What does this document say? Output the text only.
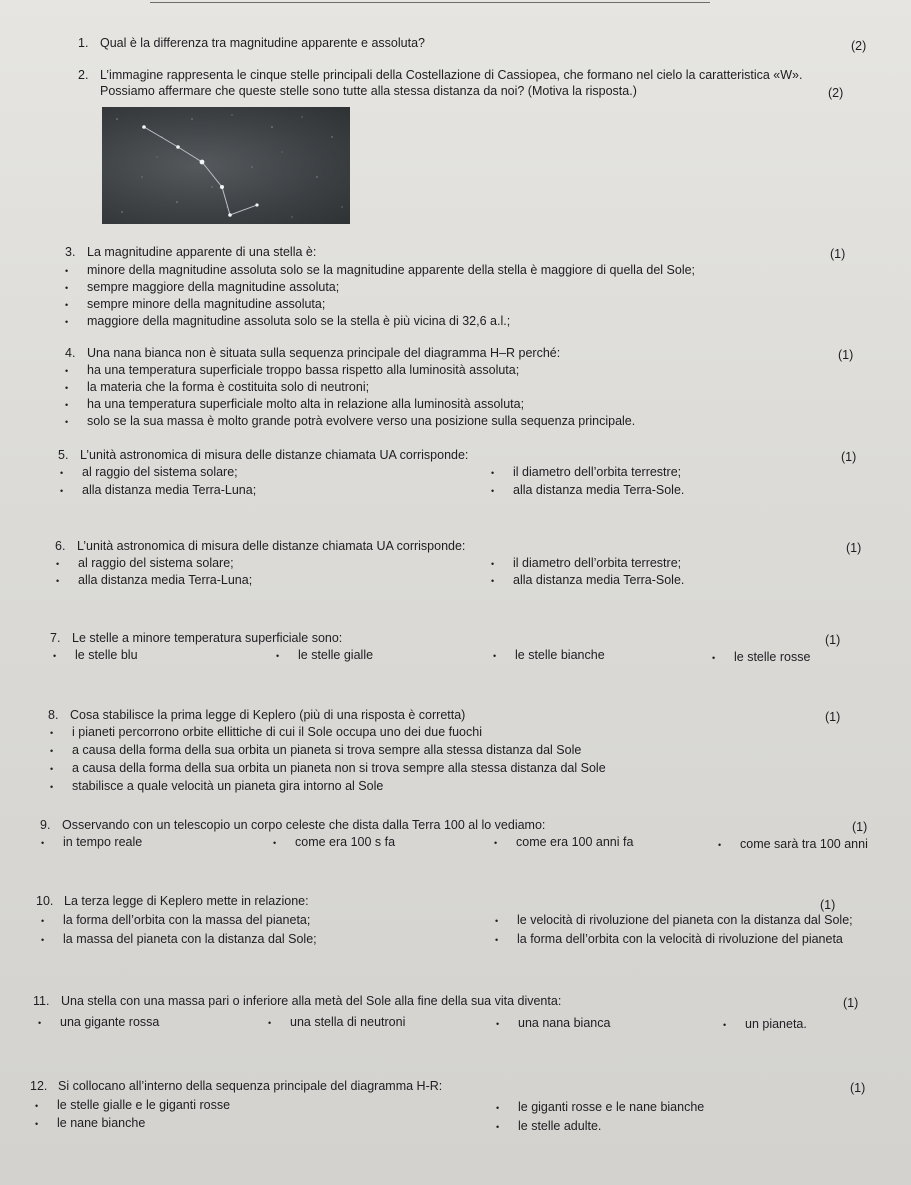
1. Qual è la differenza tra magnitudine apparente e assoluta?	(2)
2. L’immagine rappresenta le cinque stelle principali della Costellazione di Cassiopea, che formano nel cielo la caratteristica «W».
Possiamo affermare che queste stelle sono tutte alla stessa distanza da noi? (Motiva la risposta.)	(2)
3. La magnitudine apparente di una stella è:	(1)
• minore della magnitudine assoluta solo se la magnitudine apparente della stella è maggiore di quella del Sole;
• sempre maggiore della magnitudine assoluta;
• sempre minore della magnitudine assoluta;
• maggiore della magnitudine assoluta solo se la stella è più vicina di 32,6 a.l.;
4. Una nana bianca non è situata sulla sequenza principale del diagramma H–R perché:	(1)
• ha una temperatura superficiale troppo bassa rispetto alla luminosità assoluta;
• la materia che la forma è costituita solo di neutroni;
• ha una temperatura superficiale molto alta in relazione alla luminosità assoluta;
• solo se la sua massa è molto grande potrà evolvere verso una posizione sulla sequenza principale.
5. L’unità astronomica di misura delle distanze chiamata UA corrisponde:	(1)
• al raggio del sistema solare;	• il diametro dell’orbita terrestre;
• alla distanza media Terra-Luna;	• alla distanza media Terra-Sole.
6. L’unità astronomica di misura delle distanze chiamata UA corrisponde:	(1)
• al raggio del sistema solare;	• il diametro dell’orbita terrestre;
• alla distanza media Terra-Luna;	• alla distanza media Terra-Sole.
7. Le stelle a minore temperatura superficiale sono:	(1)
• le stelle blu	• le stelle gialle	• le stelle bianche	• le stelle rosse
8. Cosa stabilisce la prima legge di Keplero (più di una risposta è corretta)	(1)
• i pianeti percorrono orbite ellittiche di cui il Sole occupa uno dei due fuochi
• a causa della forma della sua orbita un pianeta si trova sempre alla stessa distanza dal Sole
• a causa della forma della sua orbita un pianeta non si trova sempre alla stessa distanza dal Sole
• stabilisce a quale velocità un pianeta gira intorno al Sole
9. Osservando con un telescopio un corpo celeste che dista dalla Terra 100 al lo vediamo:	(1)
• in tempo reale	• come era 100 s fa	• come era 100 anni fa	• come sarà tra 100 anni
10. La terza legge di Keplero mette in relazione:	(1)
• la forma dell’orbita con la massa del pianeta;	• le velocità di rivoluzione del pianeta con la distanza dal Sole;
• la massa del pianeta con la distanza dal Sole;	• la forma dell’orbita con la velocità di rivoluzione del pianeta
11. Una stella con una massa pari o inferiore alla metà del Sole alla fine della sua vita diventa:	(1)
• una gigante rossa	• una stella di neutroni	• una nana bianca	• un pianeta.
12. Si collocano all’interno della sequenza principale del diagramma H-R:	(1)
• le stelle gialle e le giganti rosse	• le giganti rosse e le nane bianche
• le nane bianche	• le stelle adulte.
